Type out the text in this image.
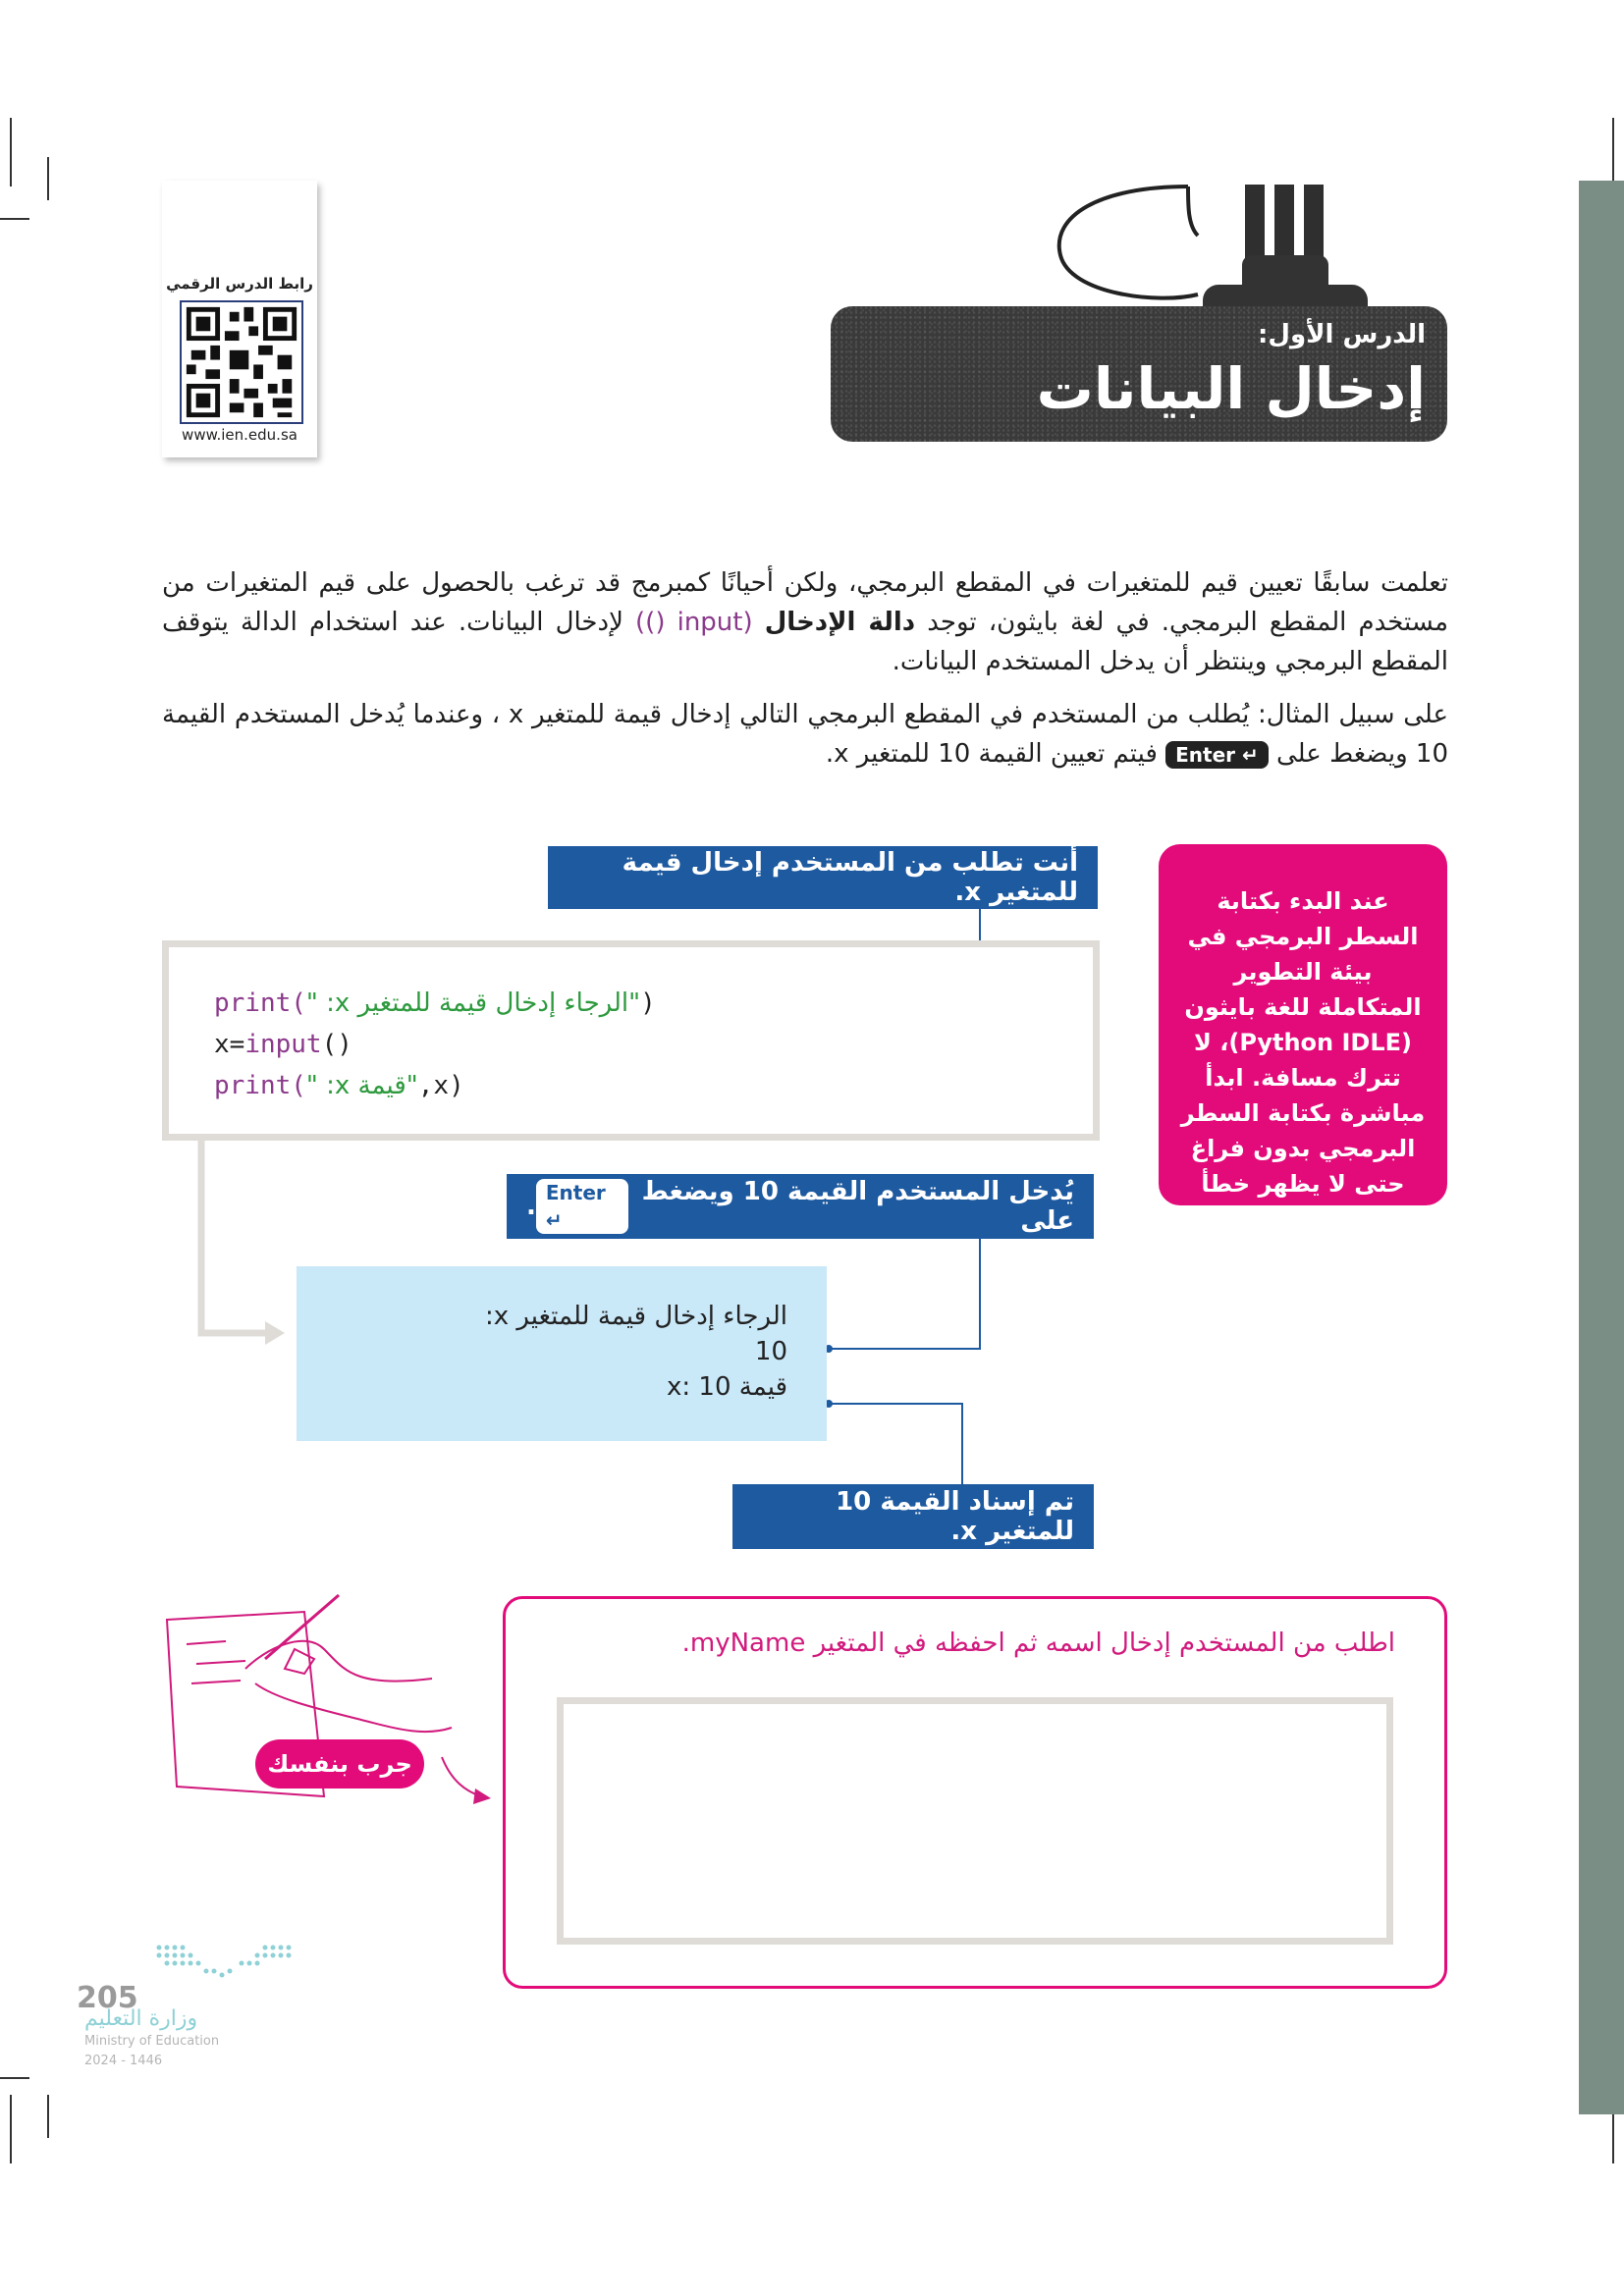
رابط الدرس الرقمي
www.ien.edu.sa
الدرس الأول:
إدخال البيانات
تعلمت سابقًا تعيين قيم للمتغيرات في المقطع البرمجي، ولكن أحيانًا كمبرمج قد ترغب بالحصول على قيم المتغيرات من مستخدم المقطع البرمجي. في لغة بايثون، توجد دالة الإدخال (input ()) لإدخال البيانات. عند استخدام الدالة يتوقف المقطع البرمجي وينتظر أن يدخل المستخدم البيانات.
على سبيل المثال: يُطلب من المستخدم في المقطع البرمجي التالي إدخال قيمة للمتغير x ، وعندما يُدخل المستخدم القيمة 10 ويضغط على Enter ↵ فيتم تعيين القيمة 10 للمتغير x.
أنت تطلب من المستخدم إدخال قيمة للمتغير x.
print("الرجاء إدخال قيمة للمتغير x: ")
x=input()
print("قيمة x: ",x)
يُدخل المستخدم القيمة 10 ويضغط على

Enter ↵
.
الرجاء إدخال قيمة للمتغير x:
10
قيمة x: 10
تم إسناد القيمة 10 للمتغير x.
عند البدء بكتابة السطر البرمجي في بيئة التطوير المتكاملة للغة بايثون (Python IDLE)، لا تترك مسافة. ابدأ مباشرة بكتابة السطر البرمجي بدون فراغ حتى لا يظهر خطأ عند تنفيذ البرنامج.
جرب بنفسك
اطلب من المستخدم إدخال اسمه ثم احفظه في المتغير myName.
205
وزارة التعليم
Ministry of Education
2024 - 1446
